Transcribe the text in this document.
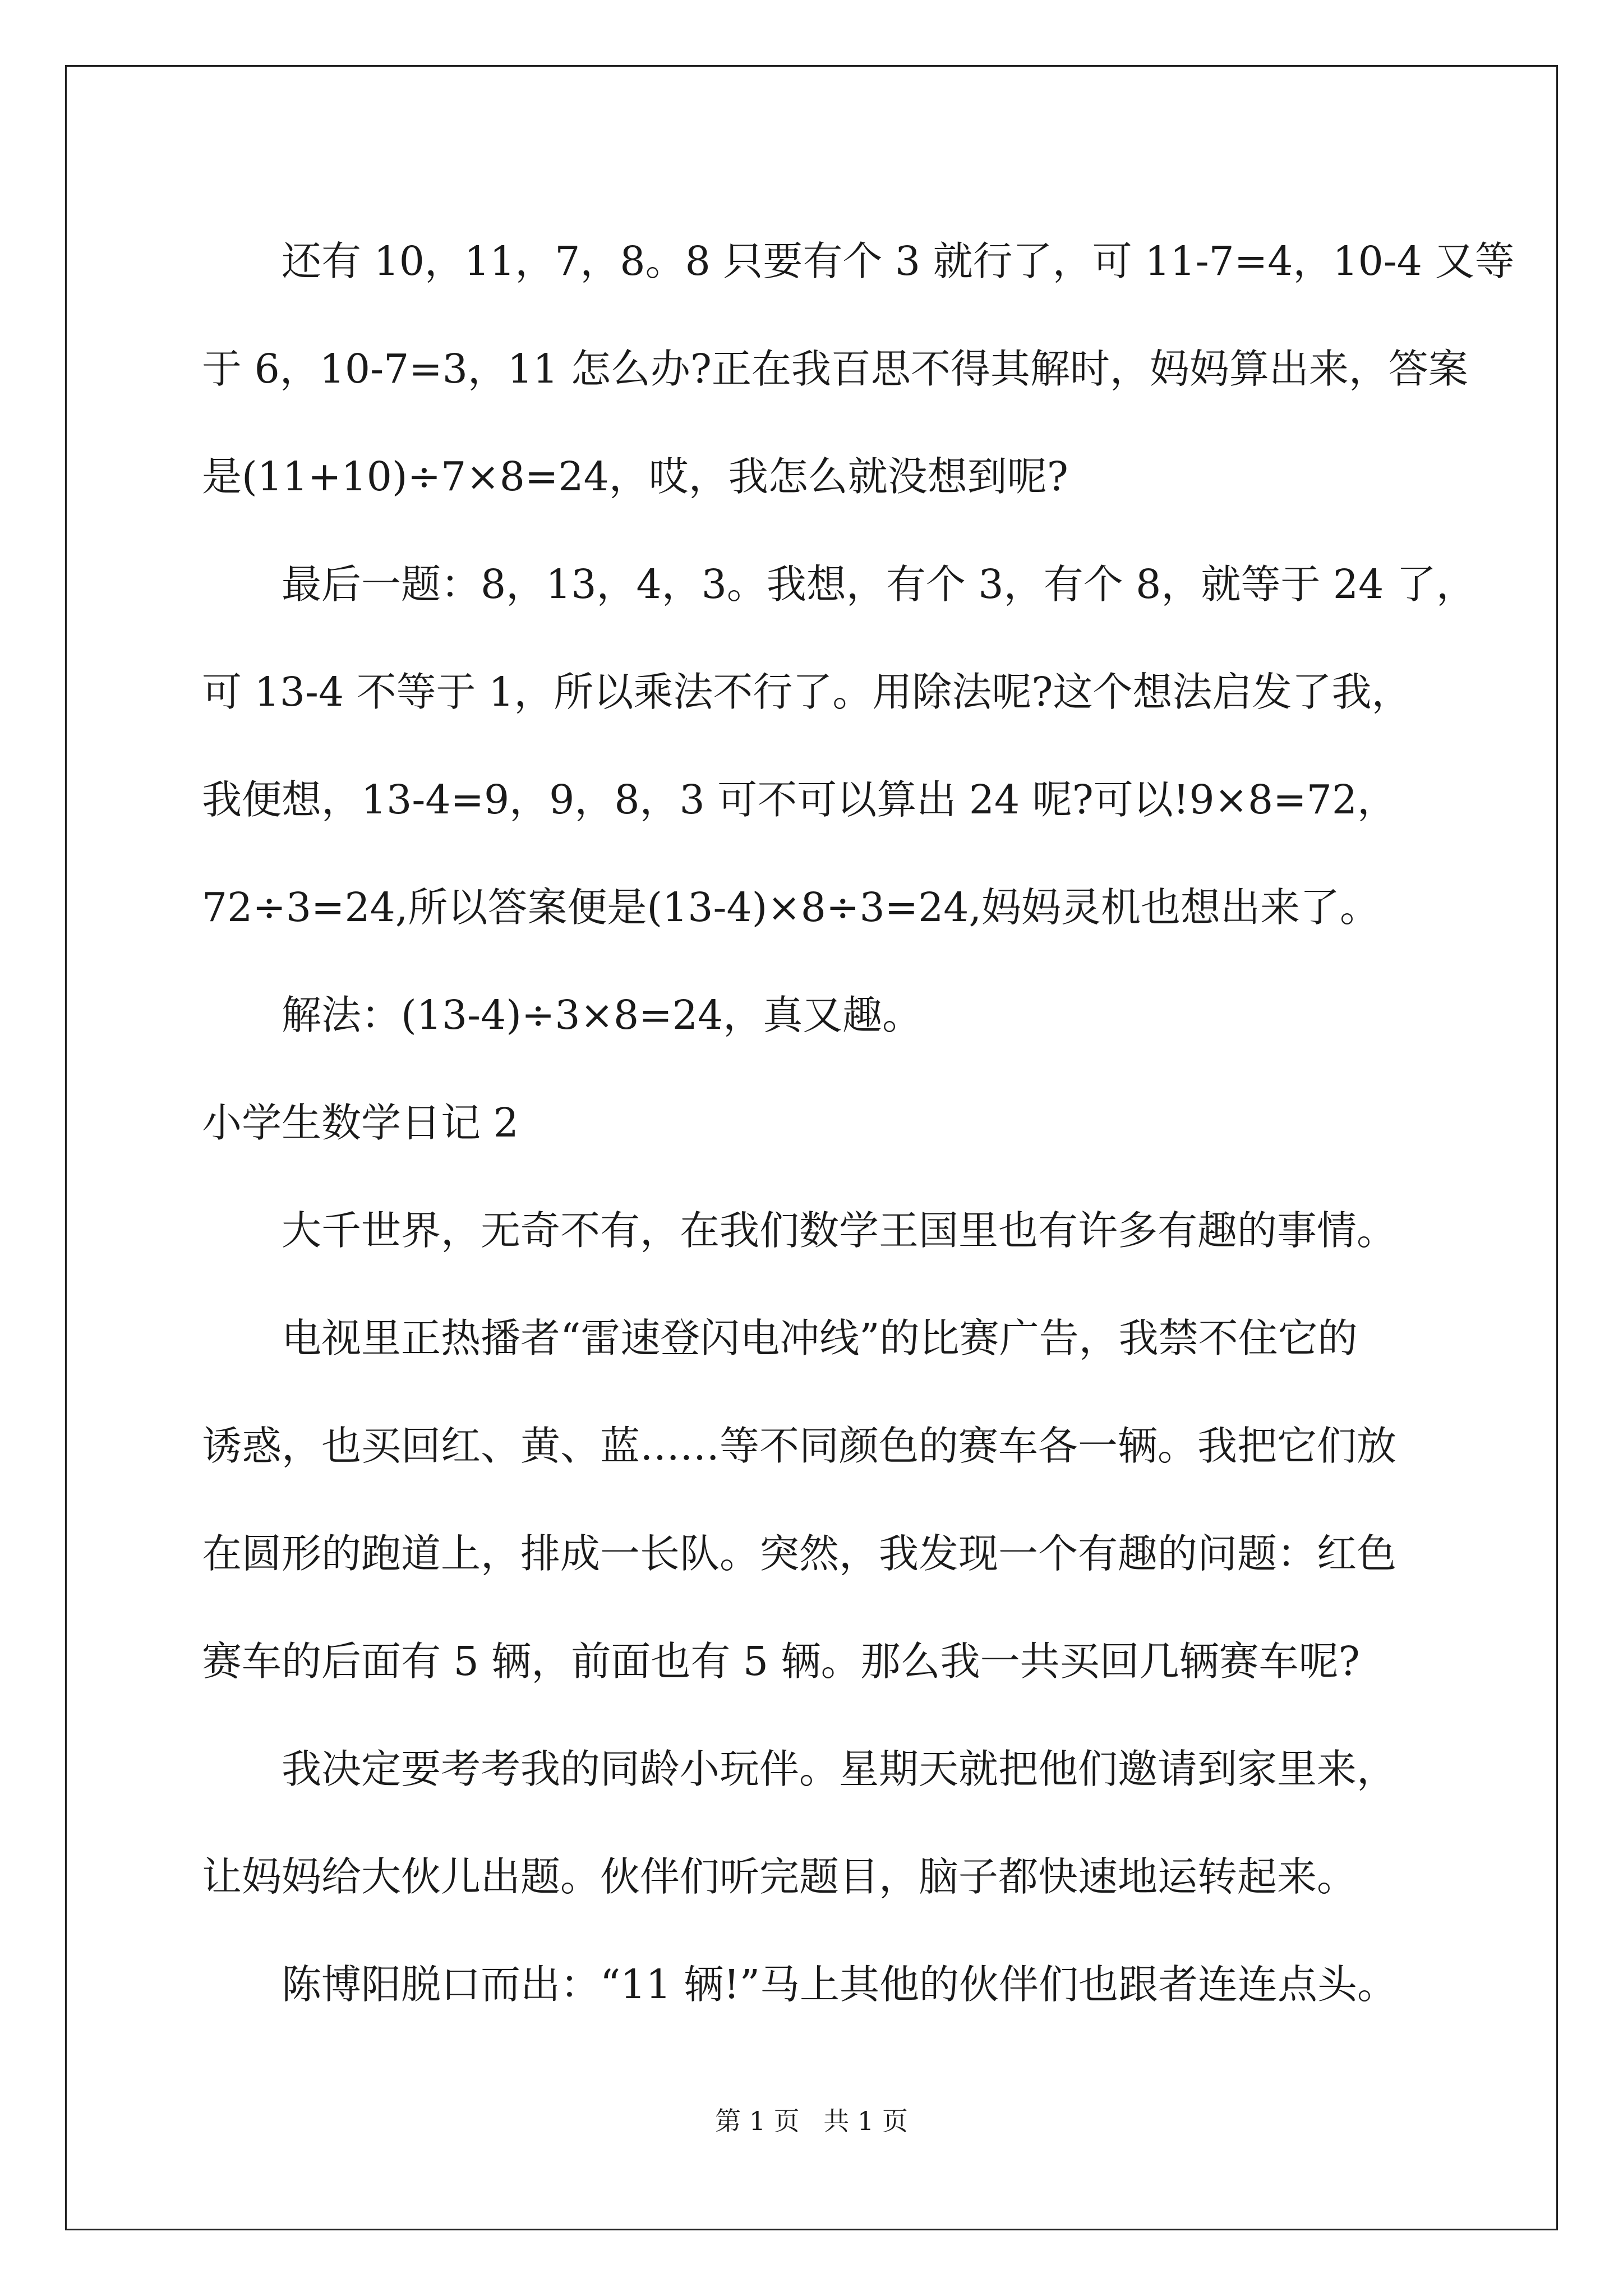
还有 10，11，7，8。8 只要有个 3 就行了，可 11-7=4，10-4 又等
于 6，10-7=3，11 怎么办?正在我百思不得其解时，妈妈算出来，答案
是(11+10)÷7×8=24，哎，我怎么就没想到呢?
最后一题：8，13，4，3。我想，有个 3，有个 8，就等于 24 了，
可 13-4 不等于 1，所以乘法不行了。用除法呢?这个想法启发了我，
我便想，13-4=9，9，8，3 可不可以算出 24 呢?可以!9×8=72，
72÷3=24,所以答案便是(13-4)×8÷3=24,妈妈灵机也想出来了。
解法：(13-4)÷3×8=24，真又趣。
小学生数学日记 2
大千世界，无奇不有，在我们数学王国里也有许多有趣的事情。
电视里正热播者“雷速登闪电冲线”的比赛广告，我禁不住它的
诱惑，也买回红、黄、蓝……等不同颜色的赛车各一辆。我把它们放
在圆形的跑道上，排成一长队。突然，我发现一个有趣的问题：红色
赛车的后面有 5 辆，前面也有 5 辆。那么我一共买回几辆赛车呢?
我决定要考考我的同龄小玩伴。星期天就把他们邀请到家里来，
让妈妈给大伙儿出题。伙伴们听完题目，脑子都快速地运转起来。
陈博阳脱口而出：“11 辆!”马上其他的伙伴们也跟者连连点头。
第 1 页 共 1 页
